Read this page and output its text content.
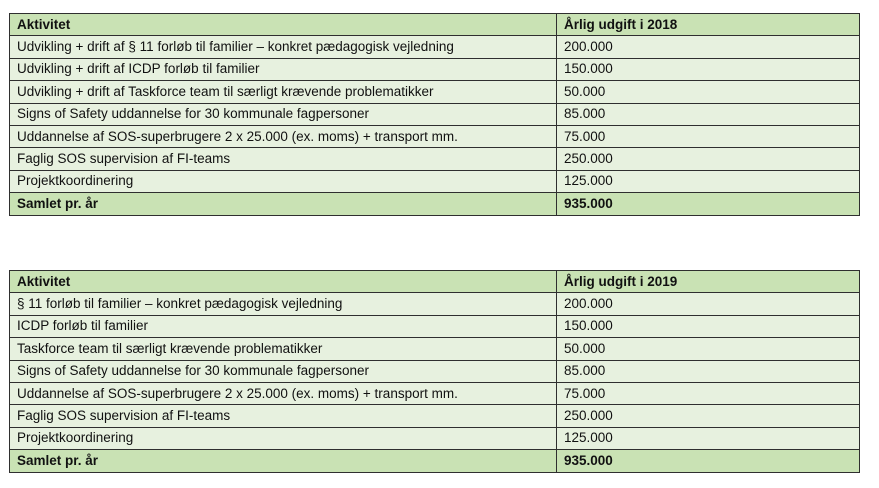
Aktivitet	Årlig udgift i 2018
Udvikling + drift af § 11 forløb til familier – konkret pædagogisk vejledning	200.000
Udvikling + drift af ICDP forløb til familier	150.000
Udvikling + drift af Taskforce team til særligt krævende problematikker	50.000
Signs of Safety uddannelse for 30 kommunale fagpersoner	85.000
Uddannelse af SOS-superbrugere 2 x 25.000 (ex. moms) + transport mm.	75.000
Faglig SOS supervision af FI-teams	250.000
Projektkoordinering	125.000
Samlet pr. år	935.000
Aktivitet	Årlig udgift i 2019
§ 11 forløb til familier – konkret pædagogisk vejledning	200.000
ICDP forløb til familier	150.000
Taskforce team til særligt krævende problematikker	50.000
Signs of Safety uddannelse for 30 kommunale fagpersoner	85.000
Uddannelse af SOS-superbrugere 2 x 25.000 (ex. moms) + transport mm.	75.000
Faglig SOS supervision af FI-teams	250.000
Projektkoordinering	125.000
Samlet pr. år	935.000
